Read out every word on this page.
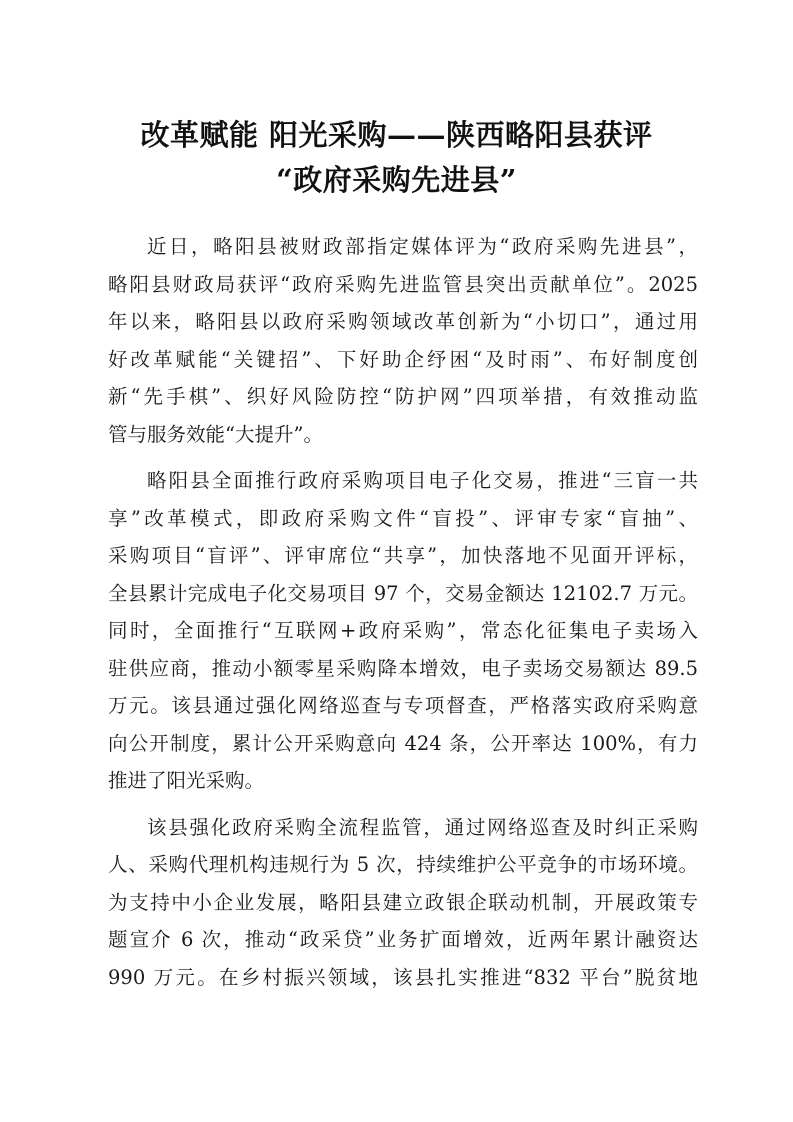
改革赋能 阳光采购——陕西略阳县获评
“政府采购先进县”
近日，略阳县被财政部指定媒体评为“政府采购先进县”，
略阳县财政局获评“政府采购先进监管县突出贡献单位”。2025
年以来，略阳县以政府采购领域改革创新为“小切口”，通过用
好改革赋能“关键招”、下好助企纾困“及时雨”、布好制度创
新“先手棋”、织好风险防控“防护网”四项举措，有效推动监
管与服务效能“大提升”。
略阳县全面推行政府采购项目电子化交易，推进“三盲一共
享”改革模式，即政府采购文件“盲投”、评审专家“盲抽”、
采购项目“盲评”、评审席位“共享”，加快落地不见面开评标，
全县累计完成电子化交易项目 97 个，交易金额达 12102.7 万元。
同时，全面推行“互联网+政府采购”，常态化征集电子卖场入
驻供应商，推动小额零星采购降本增效，电子卖场交易额达 89.5
万元。该县通过强化网络巡查与专项督查，严格落实政府采购意
向公开制度，累计公开采购意向 424 条，公开率达 100%，有力
推进了阳光采购。
该县强化政府采购全流程监管，通过网络巡查及时纠正采购
人、采购代理机构违规行为 5 次，持续维护公平竞争的市场环境。
为支持中小企业发展，略阳县建立政银企联动机制，开展政策专
题宣介 6 次，推动“政采贷”业务扩面增效，近两年累计融资达
990 万元。在乡村振兴领域，该县扎实推进“832 平台”脱贫地
